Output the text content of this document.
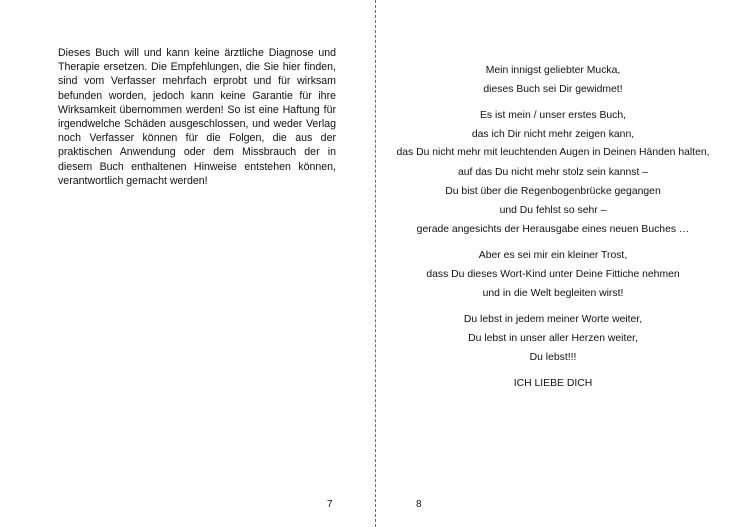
Dieses Buch will und kann keine ärztliche Diagnose und Therapie ersetzen. Die Empfehlungen, die Sie hier finden, sind vom Verfasser mehrfach erprobt und für wirksam befunden worden, jedoch kann keine Garantie für ihre Wirksamkeit übernommen werden! So ist eine Haftung für irgendwelche Schäden ausgeschlossen, und weder Verlag noch Verfasser können für die Folgen, die aus der praktischen Anwendung oder dem Missbrauch der in diesem Buch enthaltenen Hinweise entstehen können, verantwortlich gemacht werden!

7
Mein innigst geliebter Mucka,
dieses Buch sei Dir gewidmet!
Es ist mein / unser erstes Buch,
das ich Dir nicht mehr zeigen kann,
das Du nicht mehr mit leuchtenden Augen in Deinen Händen halten,
auf das Du nicht mehr stolz sein kannst –
Du bist über die Regenbogenbrücke gegangen
und Du fehlst so sehr –
gerade angesichts der Herausgabe eines neuen Buches …
Aber es sei mir ein kleiner Trost,
dass Du dieses Wort-Kind unter Deine Fittiche nehmen
und in die Welt begleiten wirst!
Du lebst in jedem meiner Worte weiter,
Du lebst in unser aller Herzen weiter,
Du lebst!!!
ICH LIEBE DICH
8
